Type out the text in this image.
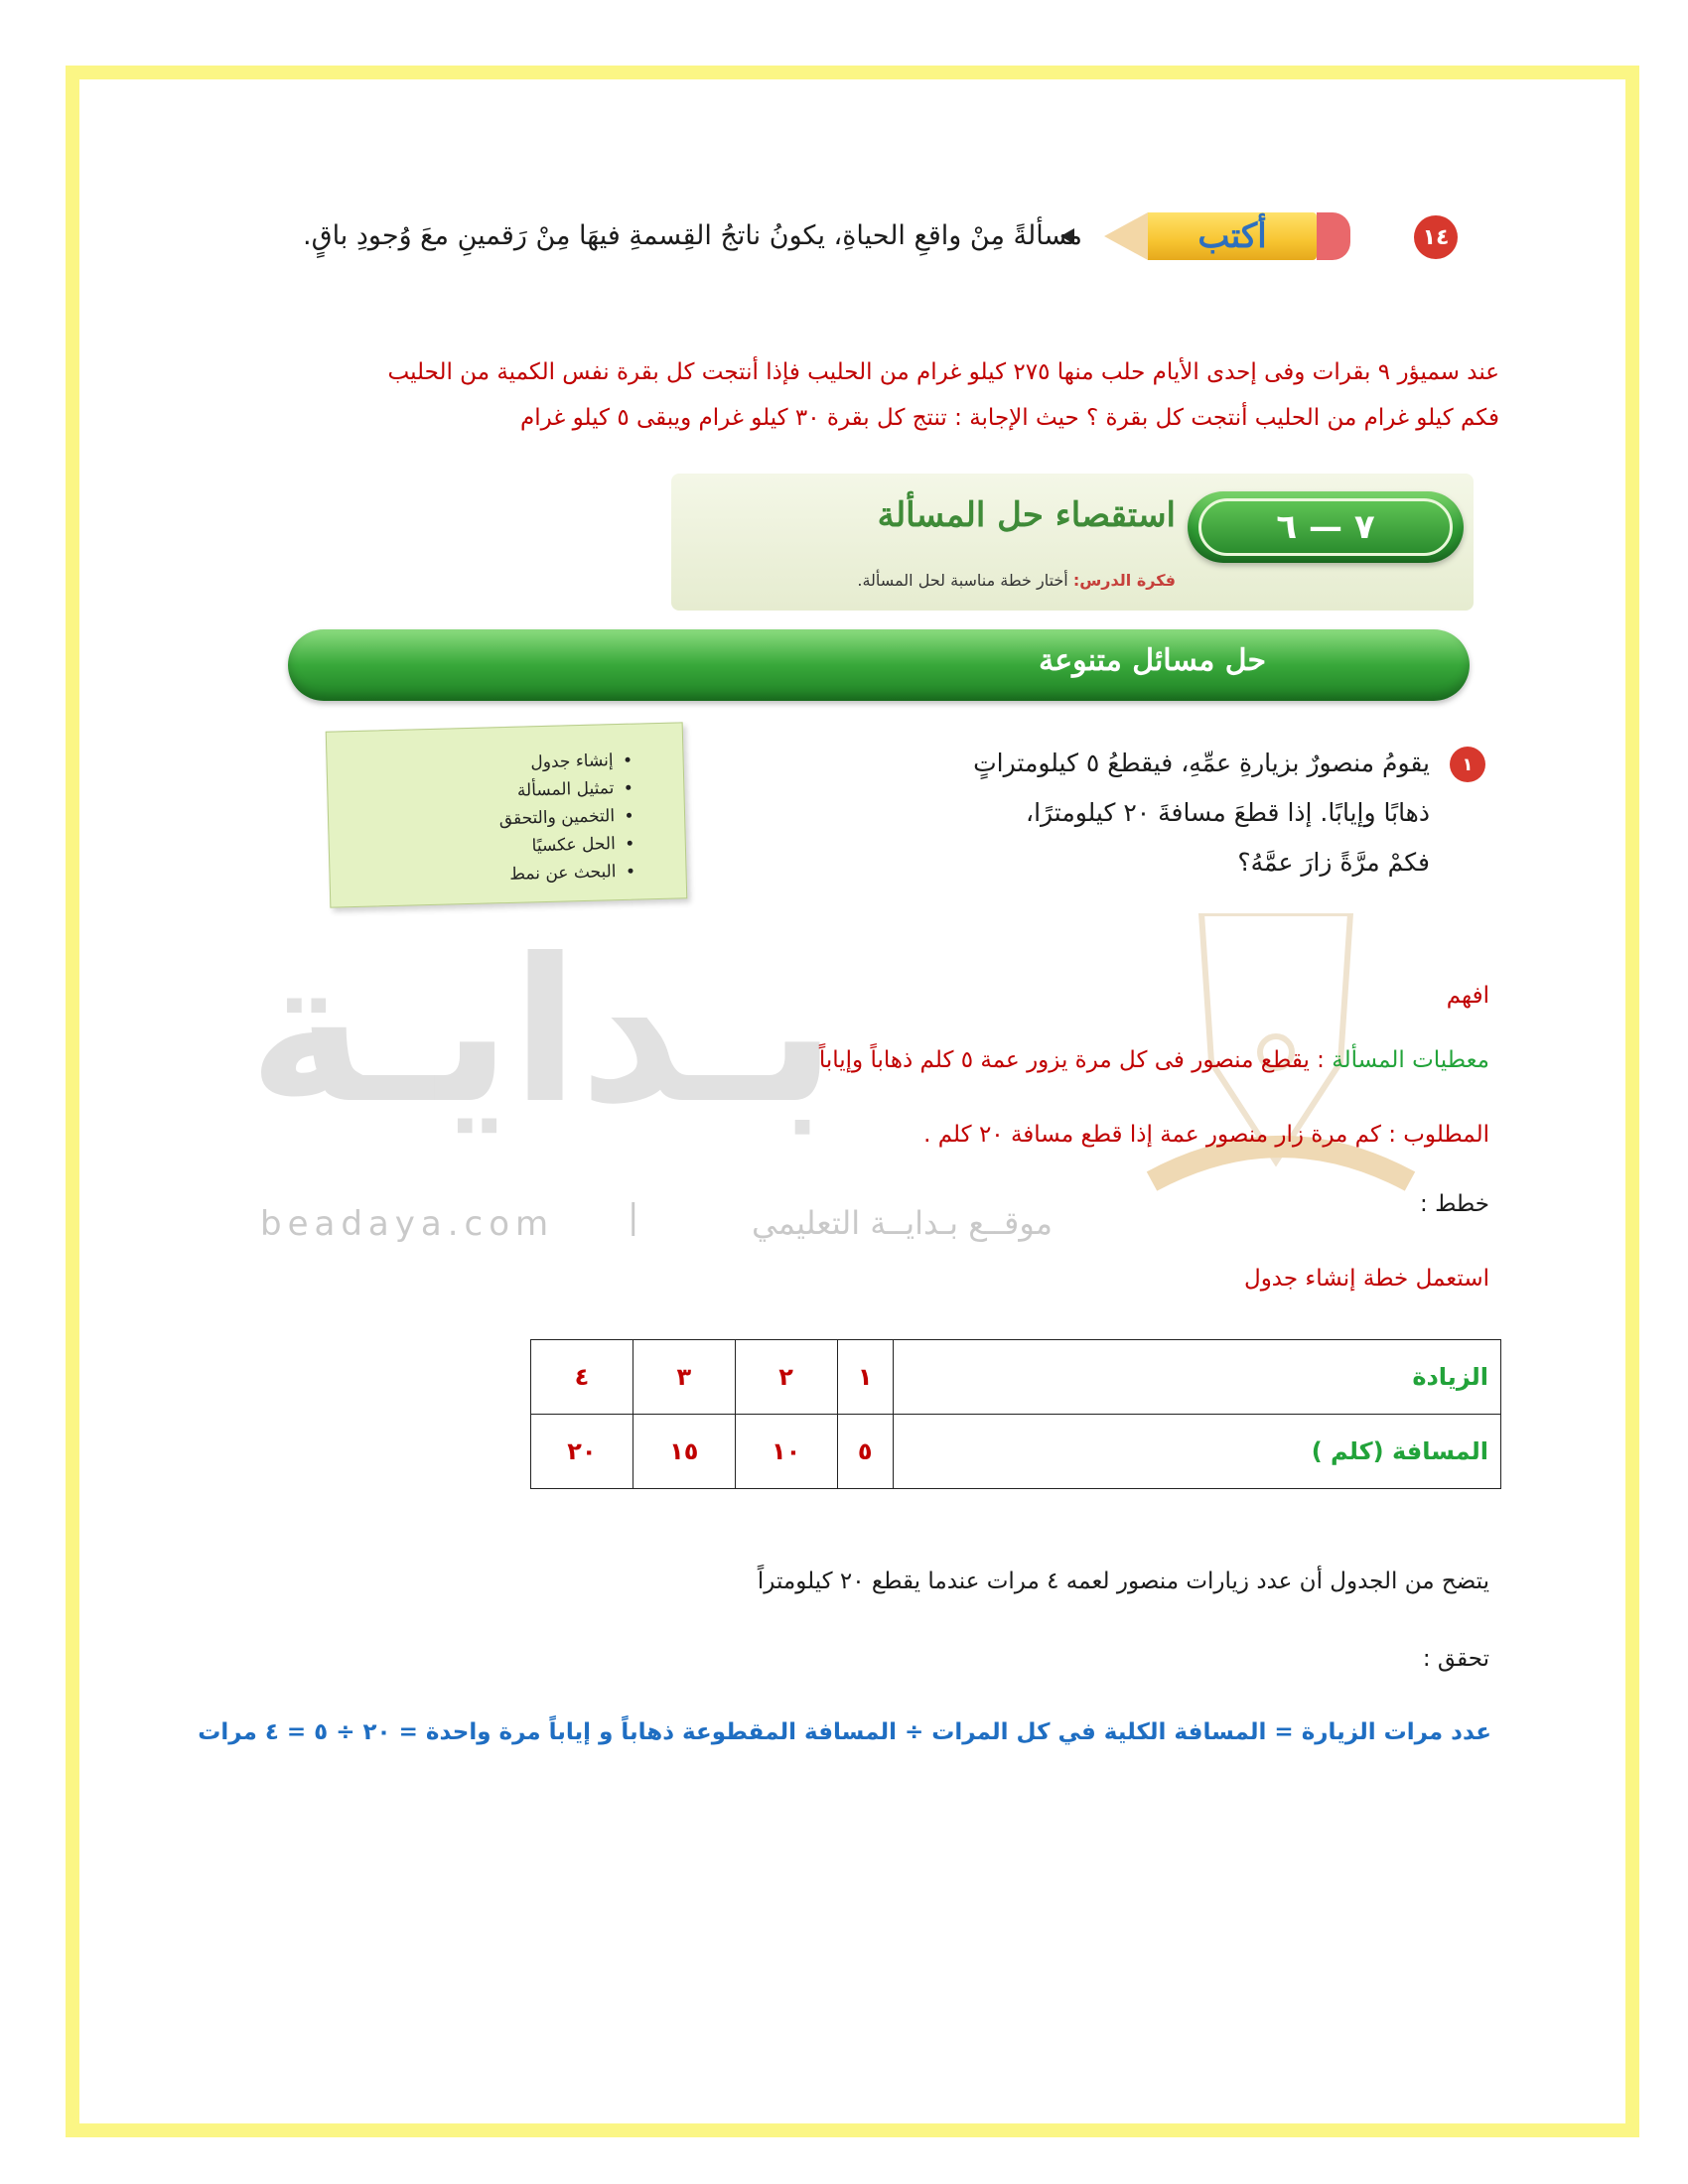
١٤
أكتب
مسألةً مِنْ واقعِ الحياةِ، يكونُ ناتجُ القِسمةِ فيهَا مِنْ رَقمينِ معَ وُجودِ باقٍ.
عند سميؤر ٩ بقرات وفى إحدى الأيام حلب منها ٢٧٥ كيلو غرام من الحليب فإذا أنتجت كل بقرة نفس الكمية من الحليب
فكم كيلو غرام من الحليب أنتجت كل بقرة ؟ حيث الإجابة : تنتج كل بقرة ٣٠ كيلو غرام ويبقى ٥ كيلو غرام
٧ — ٦
استقصاء حل المسألة
فكرة الدرس: أختار خطة مناسبة لحل المسألة.
حل مسائل متنوعة
١
يقومُ منصورٌ بزيارةِ عمِّهِ، فيقطعُ ٥ كيلومتراتٍ
ذهابًا وإيابًا. إذا قطعَ مسافةَ ٢٠ كيلومترًا،
فكمْ مرَّةً زارَ عمَّهُ؟
• إنشاء جدول
• تمثيل المسألة
• التخمين والتحقق
• الحل عكسيًا
• البحث عن نمط
بـدايـة
beadaya.com |	موقــع بـدايــة التعليمي
افهم
معطيات المسألة : يقطع منصور فى كل مرة يزور عمة ٥ كلم ذهاباً وإياباً
المطلوب : كم مرة زار منصور عمة إذا قطع مسافة ٢٠ كلم .
خطط :
استعمل خطة إنشاء جدول
الزيادة	١	٢	٣	٤
المسافة (كلم )	٥	١٠	١٥	٢٠
يتضح من الجدول أن عدد زيارات منصور لعمه ٤ مرات عندما يقطع ٢٠ كيلومتراً
تحقق :
عدد مرات الزيارة = المسافة الكلية في كل المرات ÷ المسافة المقطوعة ذهاباً و إياباً مرة واحدة = ٢٠ ÷ ٥ = ٤ مرات
